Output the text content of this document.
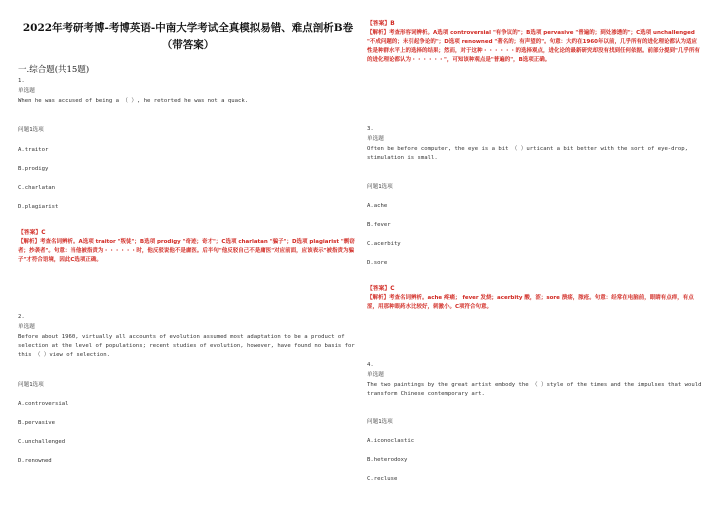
2022年考研考博-考博英语-中南大学考试全真模拟易错、难点剖析B卷（带答案）
一.综合题(共15题)
1.
单选题
When he was accused of being a （ ）, he retorted he was not a quack.
问题1选项
A.traitor
B.prodigy
C.charlatan
D.plagiarist
【答案】C
【解析】考查名词辨析。A选项 traitor "叛徒"；B选项 prodigy "奇迹；奇才"；C选项 charlatan "骗子"；D选项 plagiarist "剽窃者；抄袭者"。句意：当他被指责为・・・・・・时，他反驳说他不是庸医。后半句"他反驳自己不是庸医"对应前面，应该表示"被指责为骗子"才符合语境，因此C选项正确。
2.
单选题
Before about 1960, virtually all accounts of evolution assumed most adaptation to be a product of selection at the level of populations; recent studies of evolution, however, have found no basis for this （ ）view of selection.
问题1选项
A.controversial
B.pervasive
C.unchallenged
D.renowned
【答案】B
【解析】考查形容词辨析。A选项 controversial "有争议的"；B选项 pervasive "普遍的；到处渗透的"；C选项 unchallenged "不成问题的；未引起争论的"；D选项 renowned "著名的；有声望的"。句意：大约在1960年以前，几乎所有的进化理论都认为适应性是种群水平上的选择的结果；然而，对于这种・・・・・・的选择观点，进化论的最新研究却没有找到任何依据。前部分提到"几乎所有的进化理论都认为・・・・・・"，可知该种观点是"普遍的"，B选项正确。
3.
单选题
Often be before computer, the eye is a bit （ ）urticant a bit better with the sort of eye-drop, stimulation is small.
问题1选项
A.ache
B.fever
C.acerbity
D.sore
【答案】C
【解析】考查名词辨析。ache 疼痛； fever 发烧；acerbity 酸，涩；sore 溃疡，脓疮。句意：经常在电脑前，眼睛有点痒，有点涩，用那种眼药水比较好，刺激小。C项符合句意。
4.
单选题
The two paintings by the great artist embody the （ ）style of the times and the impulses that would transform Chinese contemporary art.
问题1选项
A.iconoclastic
B.heterodoxy
C.recluse
